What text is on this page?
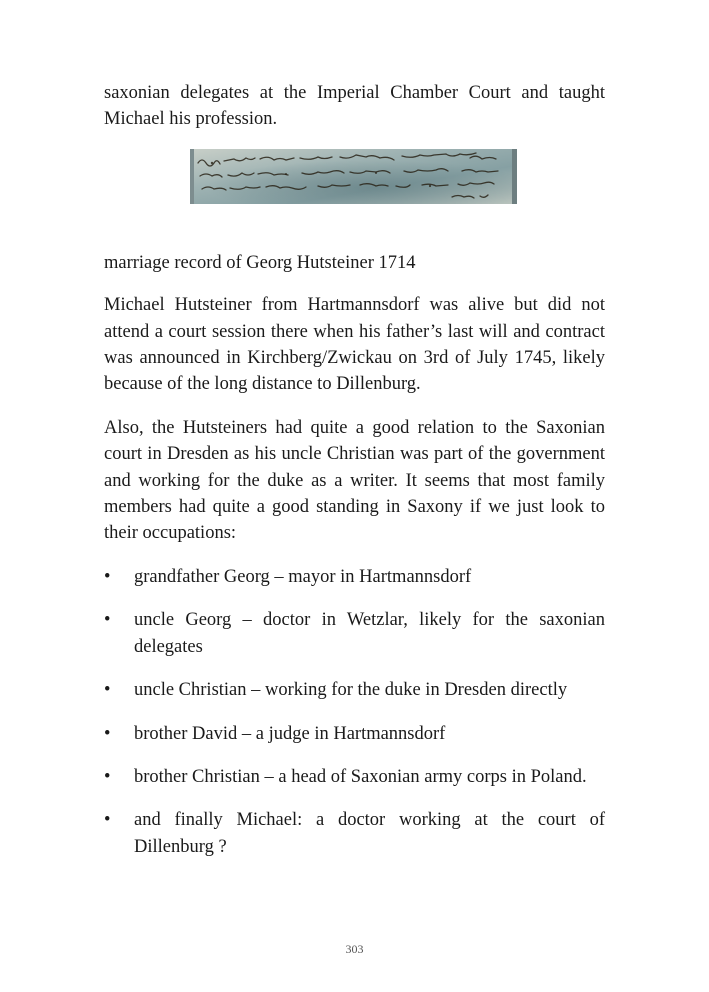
saxonian delegates at the Imperial Chamber Court and taught Michael his profession.

marriage record of Georg Hutsteiner 1714

Michael Hutsteiner from Hartmannsdorf was alive but did not attend a court session there when his father’s last will and contract was announced in Kirchberg/Zwickau on 3rd of July 1745, likely because of the long distance to Dillenburg.

Also, the Hutsteiners had quite a good relation to the Saxonian court in Dresden as his uncle Christian was part of the government and working for the duke as a writer. It seems that most family members had quite a good standing in Saxony if we just look to their occupations:

• grandfather Georg – mayor in Hartmannsdorf
• uncle Georg – doctor in Wetzlar, likely for the saxonian delegates
• uncle Christian – working for the duke in Dresden directly
• brother David – a judge in Hartmannsdorf
• brother Christian – a head of Saxonian army corps in Poland.
• and finally Michael: a doctor working at the court of Dillenburg ?
303
